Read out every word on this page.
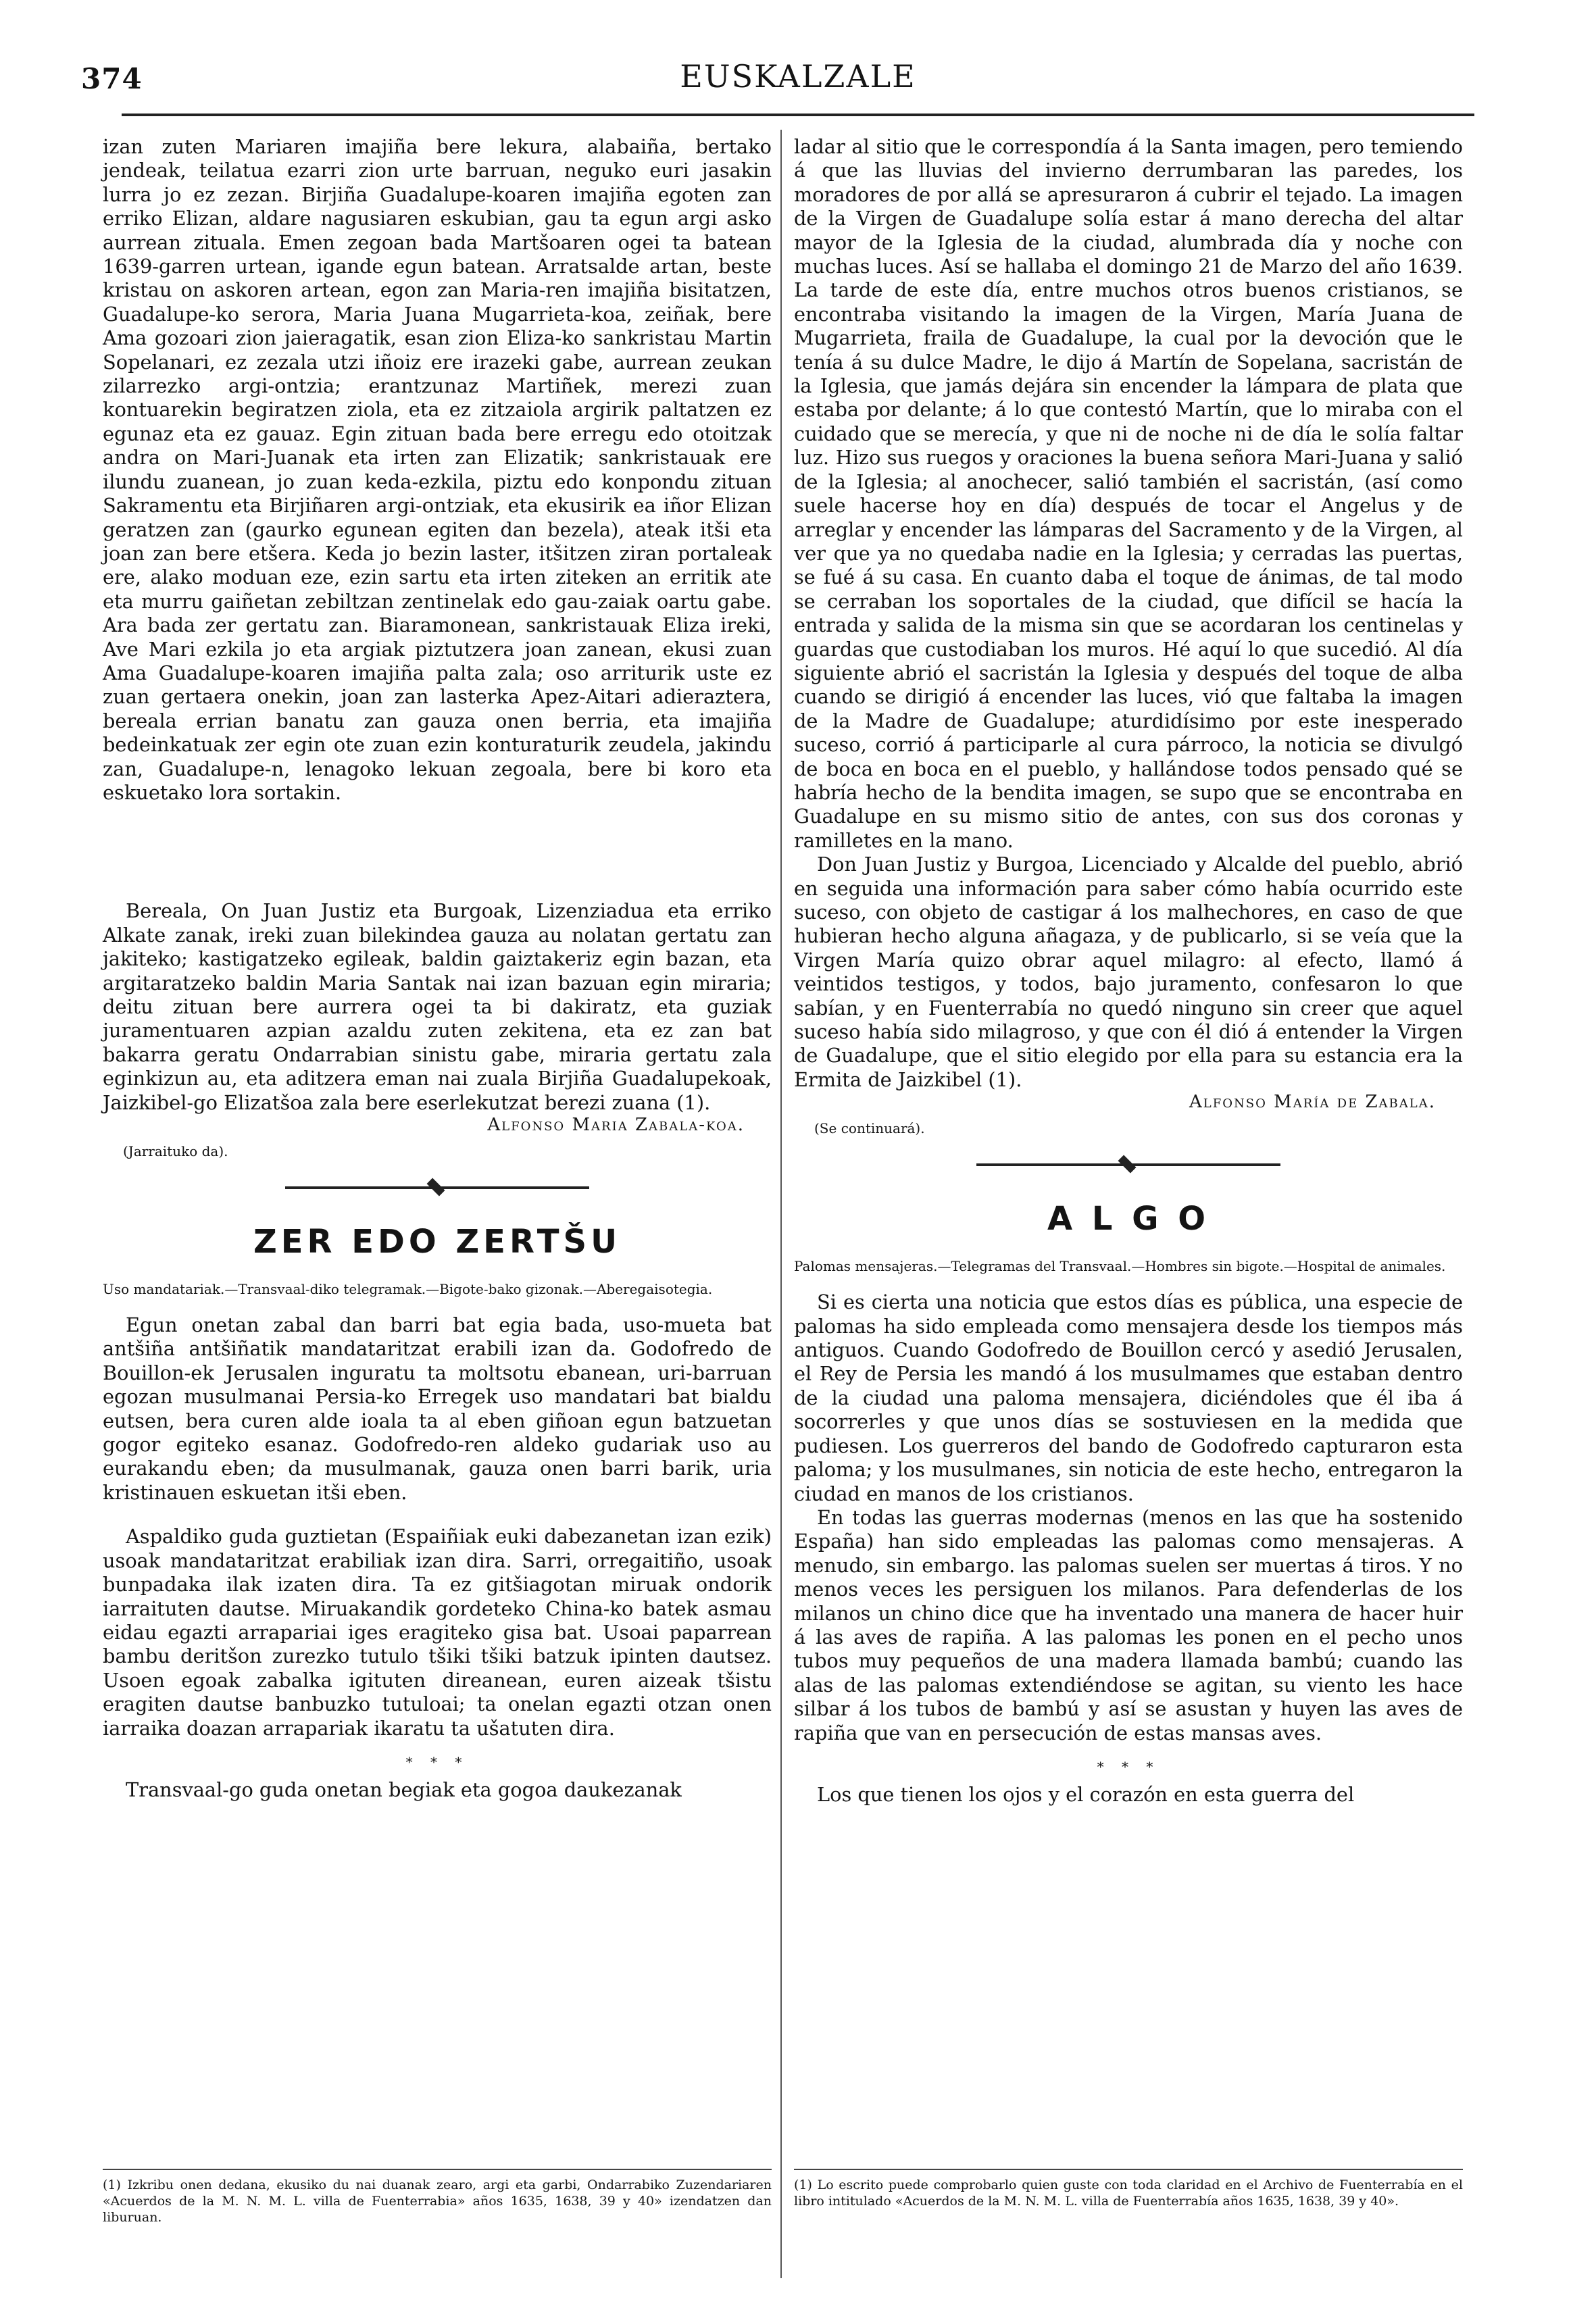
374	EUSKALZALE

izan zuten Mariaren imajiña bere lekura, alabaiña, bertako jendeak, teilatua ezarri zion urte barruan, neguko euri jasakin lurra jo ez zezan. Birjiña Guadalupe-koaren imajiña egoten zan erriko Elizan, aldare nagusiaren eskubian, gau ta egun argi asko aurrean zituala. Emen zegoan bada Martšoaren ogei ta batean 1639-garren urtean, igande egun batean. Arratsalde artan, beste kristau on askoren artean, egon zan Maria-ren imajiña bisitatzen, Guadalupe-ko serora, Maria Juana Mugarrieta-koa, zeiñak, bere Ama gozoari zion jaieragatik, esan zion Eliza-ko sankristau Martin Sopelanari, ez zezala utzi iñoiz ere irazeki gabe, aurrean zeukan zilarrezko argi-ontzia; erantzunaz Martiñek, merezi zuan kontuarekin begiratzen ziola, eta ez zitzaiola argirik paltatzen ez egunaz eta ez gauaz. Egin zituan bada bere erregu edo otoitzak andra on Mari-Juanak eta irten zan Elizatik; sankristauak ere ilundu zuanean, jo zuan keda-ezkila, piztu edo konpondu zituan Sakramentu eta Birjiñaren argi-ontziak, eta ekusirik ea iñor Elizan geratzen zan (gaurko egunean egiten dan bezela), ateak itši eta joan zan bere etšera. Keda jo bezin laster, itšitzen ziran portaleak ere, alako moduan eze, ezin sartu eta irten ziteken an erritik ate eta murru gaiñetan zebiltzan zentinelak edo gau-zaiak oartu gabe. Ara bada zer gertatu zan. Biaramonean, sankristauak Eliza ireki, Ave Mari ezkila jo eta argiak piztutzera joan zanean, ekusi zuan Ama Guadalupe-koaren imajiña palta zala; oso arriturik uste ez zuan gertaera onekin, joan zan lasterka Apez-Aitari adieraztera, bereala errian banatu zan gauza onen berria, eta imajiña bedeinkatuak zer egin ote zuan ezin konturaturik zeudela, jakindu zan, Guadalupe-n, lenagoko lekuan zegoala, bere bi koro eta eskuetako lora sortakin.

Bereala, On Juan Justiz eta Burgoak, Lizenziadua eta erriko Alkate zanak, ireki zuan bilekindea gauza au nolatan gertatu zan jakiteko; kastigatzeko egileak, baldin gaiztakeriz egin bazan, eta argitaratzeko baldin Maria Santak nai izan bazuan egin miraria; deitu zituan bere aurrera ogei ta bi dakiratz, eta guziak juramentuaren azpian azaldu zuten zekitena, eta ez zan bat bakarra geratu Ondarrabian sinistu gabe, miraria gertatu zala eginkizun au, eta aditzera eman nai zuala Birjiña Guadalupekoak, Jaizkibel-go Elizatšoa zala bere eserlekutzat berezi zuana (1).

Alfonso Maria Zabala-koa.
(Jarraituko da).
ZER EDO ZERTŠU

Uso mandatariak.—Transvaal-diko telegramak.—Bigote-bako gizonak.—Aberegaisotegia.

Egun onetan zabal dan barri bat egia bada, uso-mueta bat antšiña antšiñatik mandataritzat erabili izan da. Godofredo de Bouillon-ek Jerusalen inguratu ta moltsotu ebanean, uri-barruan egozan musulmanai Persia-ko Erregek uso mandatari bat bialdu eutsen, bera curen alde ioala ta al eben giñoan egun batzuetan gogor egiteko esanaz. Godofredo-ren aldeko gudariak uso au eurakandu eben; da musulmanak, gauza onen barri barik, uria kristinauen eskuetan itši eben.

Aspaldiko guda guztietan (Espaiñiak euki dabezanetan izan ezik) usoak mandataritzat erabiliak izan dira. Sarri, orregaitiño, usoak bunpadaka ilak izaten dira. Ta ez gitšiagotan miruak ondorik iarraituten dautse. Miruakandik gordeteko China-ko batek asmau eidau egazti arrapariai iges eragiteko gisa bat. Usoai paparrean bambu deritšon zurezko tutulo tšiki tšiki batzuk ipinten dautsez. Usoen egoak zabalka igituten direanean, euren aizeak tšistu eragiten dautse banbuzko tutuloai; ta onelan egazti otzan onen iarraika doazan arrapariak ikaratu ta ušatuten dira.

* * *

Transvaal-go guda onetan begiak eta gogoa daukezanak

ladar al sitio que le correspondía á la Santa imagen, pero temiendo á que las lluvias del invierno derrumbaran las paredes, los moradores de por allá se apresuraron á cubrir el tejado. La imagen de la Virgen de Guadalupe solía estar á mano derecha del altar mayor de la Iglesia de la ciudad, alumbrada día y noche con muchas luces. Así se hallaba el domingo 21 de Marzo del año 1639. La tarde de este día, entre muchos otros buenos cristianos, se encontraba visitando la imagen de la Virgen, María Juana de Mugarrieta, fraila de Guadalupe, la cual por la devoción que le tenía á su dulce Madre, le dijo á Martín de Sopelana, sacristán de la Iglesia, que jamás dejára sin encender la lámpara de plata que estaba por delante; á lo que contestó Martín, que lo miraba con el cuidado que se merecía, y que ni de noche ni de día le solía faltar luz. Hizo sus ruegos y oraciones la buena señora Mari-Juana y salió de la Iglesia; al anochecer, salió también el sacristán, (así como suele hacerse hoy en día) después de tocar el Angelus y de arreglar y encender las lámparas del Sacramento y de la Virgen, al ver que ya no quedaba nadie en la Iglesia; y cerradas las puertas, se fué á su casa. En cuanto daba el toque de ánimas, de tal modo se cerraban los soportales de la ciudad, que difícil se hacía la entrada y salida de la misma sin que se acordaran los centinelas y guardas que custodiaban los muros. Hé aquí lo que sucedió. Al día siguiente abrió el sacristán la Iglesia y después del toque de alba cuando se dirigió á encender las luces, vió que faltaba la imagen de la Madre de Guadalupe; aturdidísimo por este inesperado suceso, corrió á participarle al cura párroco, la noticia se divulgó de boca en boca en el pueblo, y hallándose todos pensado qué se habría hecho de la bendita imagen, se supo que se encontraba en Guadalupe en su mismo sitio de antes, con sus dos coronas y ramilletes en la mano.

Don Juan Justiz y Burgoa, Licenciado y Alcalde del pueblo, abrió en seguida una información para saber cómo había ocurrido este suceso, con objeto de castigar á los malhechores, en caso de que hubieran hecho alguna añagaza, y de publicarlo, si se veía que la Virgen María quizo obrar aquel milagro: al efecto, llamó á veintidos testigos, y todos, bajo juramento, confesaron lo que sabían, y en Fuenterrabía no quedó ninguno sin creer que aquel suceso había sido milagroso, y que con él dió á entender la Virgen de Guadalupe, que el sitio elegido por ella para su estancia era la Ermita de Jaizkibel (1).

Alfonso María de Zabala.
(Se continuará).
A L G O

Palomas mensajeras.—Telegramas del Transvaal.—Hombres sin bigote.—Hospital de animales.

Si es cierta una noticia que estos días es pública, una especie de palomas ha sido empleada como mensajera desde los tiempos más antiguos. Cuando Godofredo de Bouillon cercó y asedió Jerusalen, el Rey de Persia les mandó á los musulmames que estaban dentro de la ciudad una paloma mensajera, diciéndoles que él iba á socorrerles y que unos días se sostuviesen en la medida que pudiesen. Los guerreros del bando de Godofredo capturaron esta paloma; y los musulmanes, sin noticia de este hecho, entregaron la ciudad en manos de los cristianos.

En todas las guerras modernas (menos en las que ha sostenido España) han sido empleadas las palomas como mensajeras. A menudo, sin embargo. las palomas suelen ser muertas á tiros. Y no menos veces les persiguen los milanos. Para defenderlas de los milanos un chino dice que ha inventado una manera de hacer huir á las aves de rapiña. A las palomas les ponen en el pecho unos tubos muy pequeños de una madera llamada bambú; cuando las alas de las palomas extendiéndose se agitan, su viento les hace silbar á los tubos de bambú y así se asustan y huyen las aves de rapiña que van en persecución de estas mansas aves.

* * *

Los que tienen los ojos y el corazón en esta guerra del

(1) Izkribu onen dedana, ekusiko du nai duanak zearo, argi eta garbi, Ondarrabiko Zuzendariaren «Acuerdos de la M. N. M. L. villa de Fuenterrabia» años 1635, 1638, 39 y 40» izendatzen dan liburuan.
(1) Lo escrito puede comprobarlo quien guste con toda claridad en el Archivo de Fuenterrabía en el libro intitulado «Acuerdos de la M. N. M. L. villa de Fuenterrabía años 1635, 1638, 39 y 40».
